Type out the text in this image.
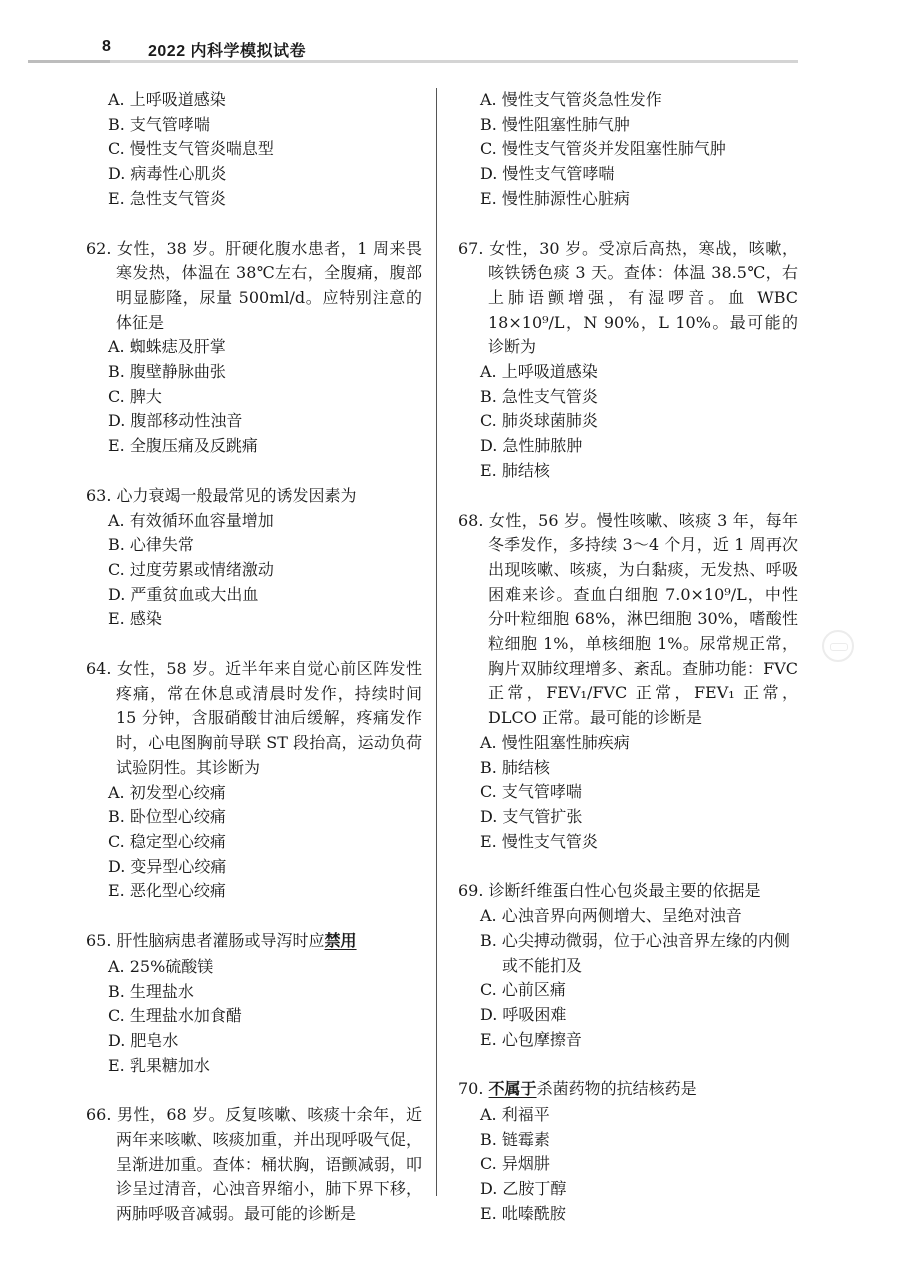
8 2022 内科学模拟试卷
A. 上呼吸道感染
B. 支气管哮喘
C. 慢性支气管炎喘息型
D. 病毒性心肌炎
E. 急性支气管炎
62. 女性，38 岁。肝硬化腹水患者，1 周来畏寒发热，体温在 38℃左右，全腹痛，腹部明显膨隆，尿量 500ml/d。应特别注意的体征是
A. 蜘蛛痣及肝掌
B. 腹壁静脉曲张
C. 脾大
D. 腹部移动性浊音
E. 全腹压痛及反跳痛
63. 心力衰竭一般最常见的诱发因素为
A. 有效循环血容量增加
B. 心律失常
C. 过度劳累或情绪激动
D. 严重贫血或大出血
E. 感染
64. 女性，58 岁。近半年来自觉心前区阵发性疼痛，常在休息或清晨时发作，持续时间 15 分钟，含服硝酸甘油后缓解，疼痛发作时，心电图胸前导联 ST 段抬高，运动负荷试验阴性。其诊断为
A. 初发型心绞痛
B. 卧位型心绞痛
C. 稳定型心绞痛
D. 变异型心绞痛
E. 恶化型心绞痛
65. 肝性脑病患者灌肠或导泻时应禁用
A. 25%硫酸镁
B. 生理盐水
C. 生理盐水加食醋
D. 肥皂水
E. 乳果糖加水
66. 男性，68 岁。反复咳嗽、咳痰十余年，近两年来咳嗽、咳痰加重，并出现呼吸气促，呈渐进加重。查体：桶状胸，语颤减弱，叩诊呈过清音，心浊音界缩小，肺下界下移，两肺呼吸音减弱。最可能的诊断是
A. 慢性支气管炎急性发作
B. 慢性阻塞性肺气肿
C. 慢性支气管炎并发阻塞性肺气肿
D. 慢性支气管哮喘
E. 慢性肺源性心脏病
67. 女性，30 岁。受凉后高热，寒战，咳嗽，咳铁锈色痰 3 天。查体：体温 38.5℃，右上肺语颤增强，有湿啰音。血 WBC 18×10⁹/L，N 90%，L 10%。最可能的诊断为
A. 上呼吸道感染
B. 急性支气管炎
C. 肺炎球菌肺炎
D. 急性肺脓肿
E. 肺结核
68. 女性，56 岁。慢性咳嗽、咳痰 3 年，每年冬季发作，多持续 3～4 个月，近 1 周再次出现咳嗽、咳痰，为白黏痰，无发热、呼吸困难来诊。查血白细胞 7.0×10⁹/L，中性分叶粒细胞 68%，淋巴细胞 30%，嗜酸性粒细胞 1%，单核细胞 1%。尿常规正常，胸片双肺纹理增多、紊乱。查肺功能：FVC 正常，FEV₁/FVC 正常，FEV₁ 正常，DLCO 正常。最可能的诊断是
A. 慢性阻塞性肺疾病
B. 肺结核
C. 支气管哮喘
D. 支气管扩张
E. 慢性支气管炎
69. 诊断纤维蛋白性心包炎最主要的依据是
A. 心浊音界向两侧增大、呈绝对浊音
B. 心尖搏动微弱，位于心浊音界左缘的内侧或不能扪及
C. 心前区痛
D. 呼吸困难
E. 心包摩擦音
70. 不属于杀菌药物的抗结核药是
A. 利福平
B. 链霉素
C. 异烟肼
D. 乙胺丁醇
E. 吡嗪酰胺
